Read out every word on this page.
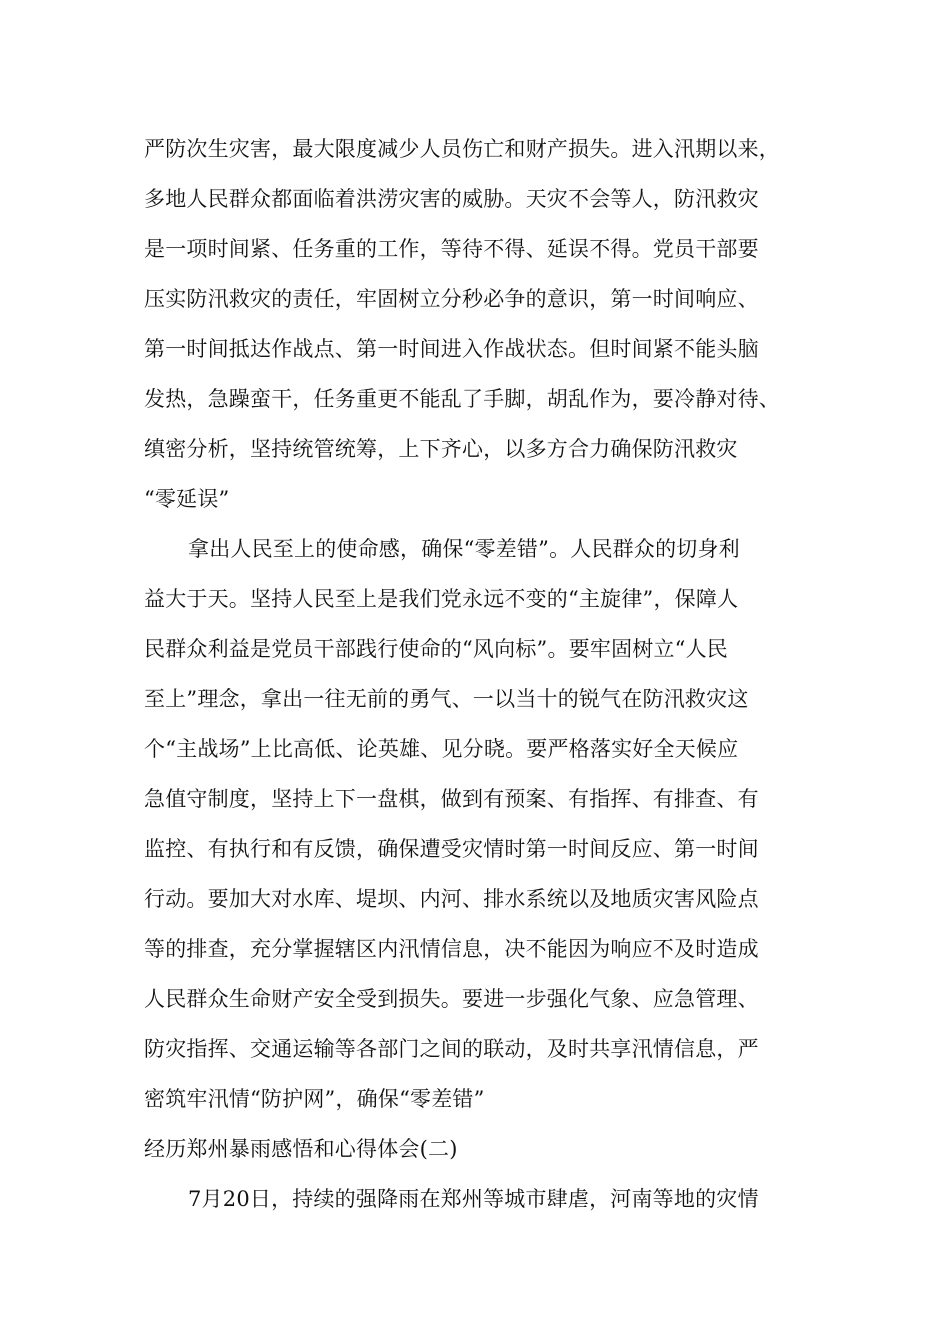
严防次生灾害，最大限度减少人员伤亡和财产损失。进入汛期以来，
多地人民群众都面临着洪涝灾害的威胁。天灾不会等人，防汛救灾
是一项时间紧、任务重的工作，等待不得、延误不得。党员干部要
压实防汛救灾的责任，牢固树立分秒必争的意识，第一时间响应、
第一时间抵达作战点、第一时间进入作战状态。但时间紧不能头脑
发热，急躁蛮干，任务重更不能乱了手脚，胡乱作为，要冷静对待、
缜密分析，坚持统管统筹，上下齐心，以多方合力确保防汛救灾
“零延误”
拿出人民至上的使命感，确保“零差错”。人民群众的切身利
益大于天。坚持人民至上是我们党永远不变的“主旋律”，保障人
民群众利益是党员干部践行使命的“风向标”。要牢固树立“人民
至上”理念，拿出一往无前的勇气、一以当十的锐气在防汛救灾这
个“主战场”上比高低、论英雄、见分晓。要严格落实好全天候应
急值守制度，坚持上下一盘棋，做到有预案、有指挥、有排查、有
监控、有执行和有反馈，确保遭受灾情时第一时间反应、第一时间
行动。要加大对水库、堤坝、内河、排水系统以及地质灾害风险点
等的排查，充分掌握辖区内汛情信息，决不能因为响应不及时造成
人民群众生命财产安全受到损失。要进一步强化气象、应急管理、
防灾指挥、交通运输等各部门之间的联动，及时共享汛情信息，严
密筑牢汛情“防护网”，确保“零差错”
经历郑州暴雨感悟和心得体会(二)
7月20日，持续的强降雨在郑州等城市肆虐，河南等地的灾情
